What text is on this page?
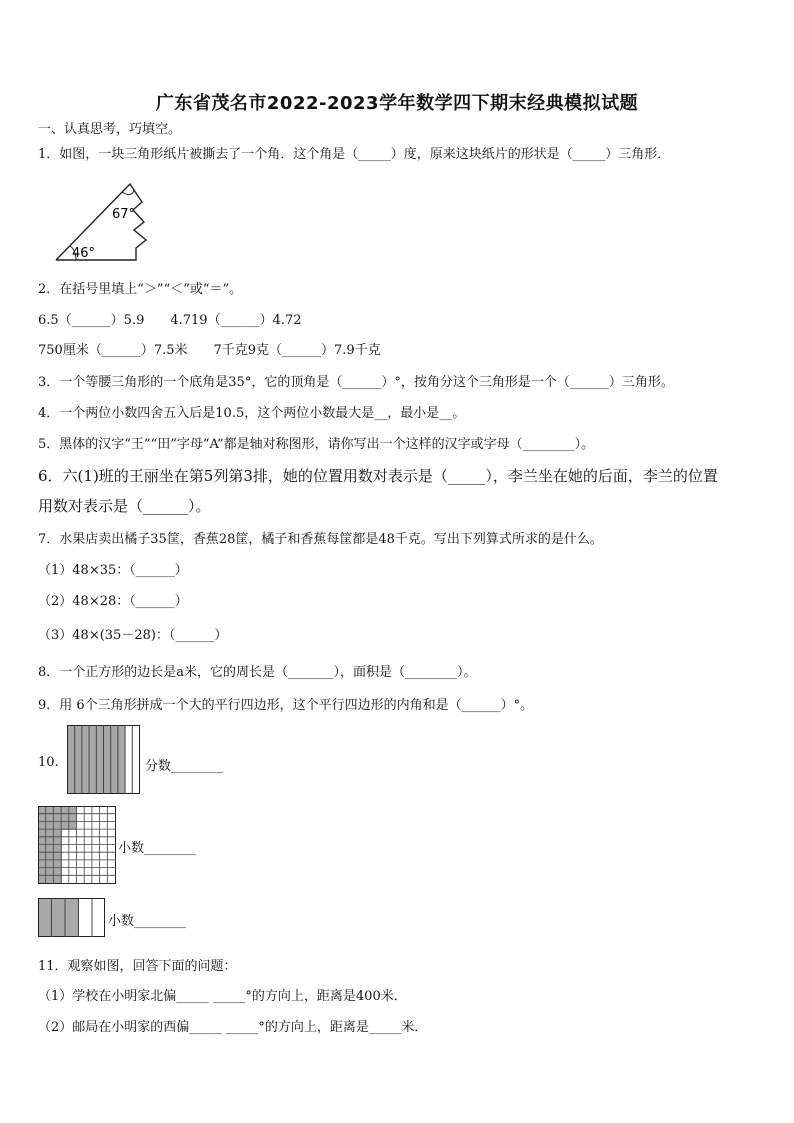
广东省茂名市2022-2023学年数学四下期末经典模拟试题
一、认真思考，巧填空。
1．如图，一块三角形纸片被撕去了一个角．这个角是（_____）度，原来这块纸片的形状是（_____）三角形．
67°
46°
2．在括号里填上“＞”“＜”或“＝”。
6.5（______）5.9　　4.719（______）4.72
750厘米（______）7.5米　　7千克9克（______）7.9千克
3．一个等腰三角形的一个底角是35°，它的顶角是（______）°，按角分这个三角形是一个（______）三角形。
4．一个两位小数四舍五入后是10.5，这个两位小数最大是__，最小是__。
5．黑体的汉字“王”“田”字母“A”都是轴对称图形，请你写出一个这样的汉字或字母（________）。
6．六(1)班的王丽坐在第5列第3排，她的位置用数对表示是（_____），李兰坐在她的后面，李兰的位置
用数对表示是（______）。
7．水果店卖出橘子35筐，香蕉28筐，橘子和香蕉每筐都是48千克。写出下列算式所求的是什么。
（1）48×35：（______）
（2）48×28：（______）
（3）48×(35－28)：（______）
8．一个正方形的边长是a米，它的周长是（_______），面积是（________）。
9．用 6个三角形拼成一个大的平行四边形，这个平行四边形的内角和是（______）°。
10.	分数________
小数________
小数________
11．观察如图，回答下面的问题：
（1）学校在小明家北偏_____ _____°的方向上，距离是400米．
（2）邮局在小明家的西偏_____ _____°的方向上，距离是_____米．
